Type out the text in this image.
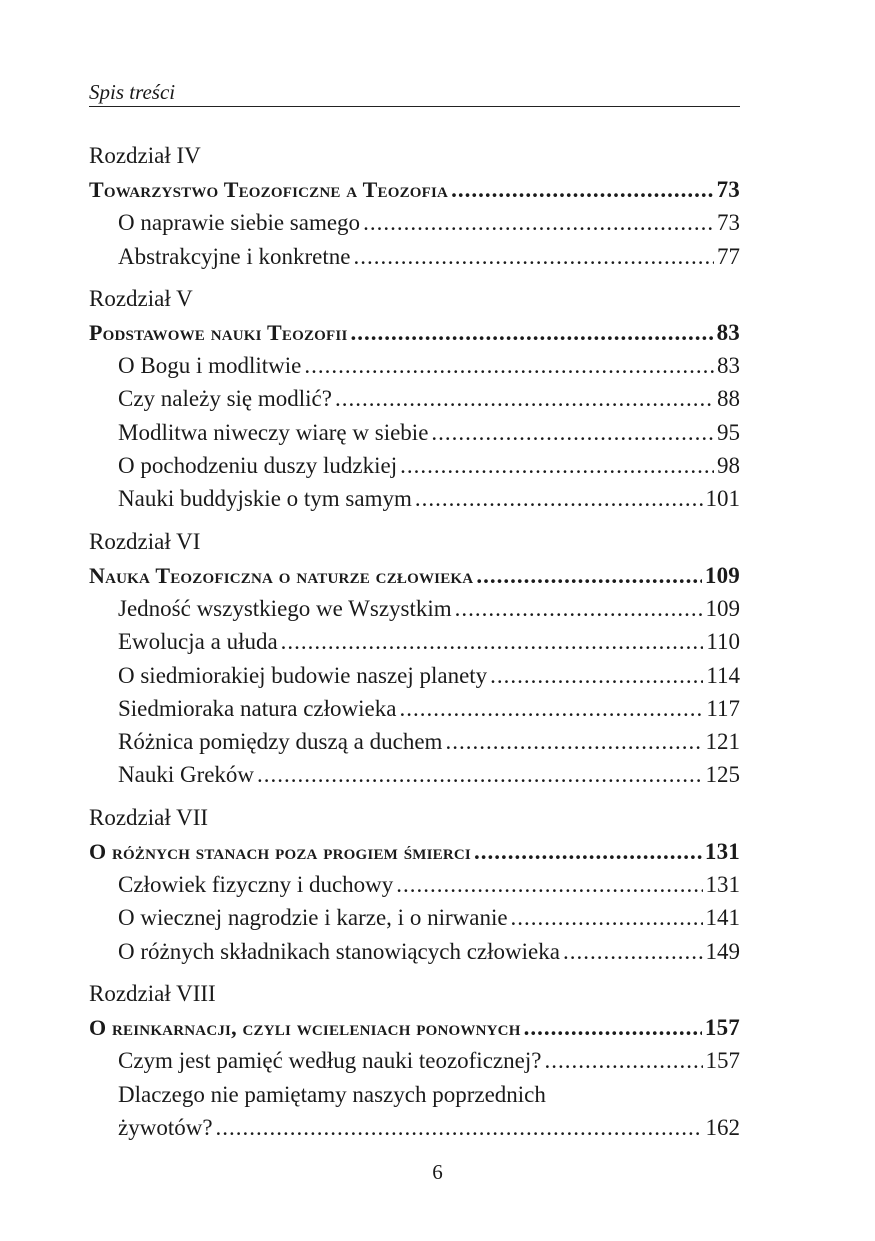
Spis treści
Rozdział IV
Towarzystwo Teozoficzne a Teozofia .....	73
O naprawie siebie samego .....	73
Abstrakcyjne i konkretne .....	77
Rozdział V
Podstawowe nauki Teozofii .....	83
O Bogu i modlitwie .....	83
Czy należy się modlić? .....	88
Modlitwa niweczy wiarę w siebie .....	95
O pochodzeniu duszy ludzkiej .....	98
Nauki buddyjskie o tym samym .....	101
Rozdział VI
Nauka Teozoficzna o naturze człowieka .....	109
Jedność wszystkiego we Wszystkim .....	109
Ewolucja a ułuda .....	110
O siedmiorakiej budowie naszej planety .....	114
Siedmioraka natura człowieka .....	117
Różnica pomiędzy duszą a duchem .....	121
Nauki Greków .....	125
Rozdział VII
O różnych stanach poza progiem śmierci .....	131
Człowiek fizyczny i duchowy .....	131
O wiecznej nagrodzie i karze, i o nirwanie .....	141
O różnych składnikach stanowiących człowieka .....	149
Rozdział VIII
O reinkarnacji, czyli wcieleniach ponownych .....	157
Czym jest pamięć według nauki teozoficznej? .....	157
Dlaczego nie pamiętamy naszych poprzednich
żywotów? .....	162
6
